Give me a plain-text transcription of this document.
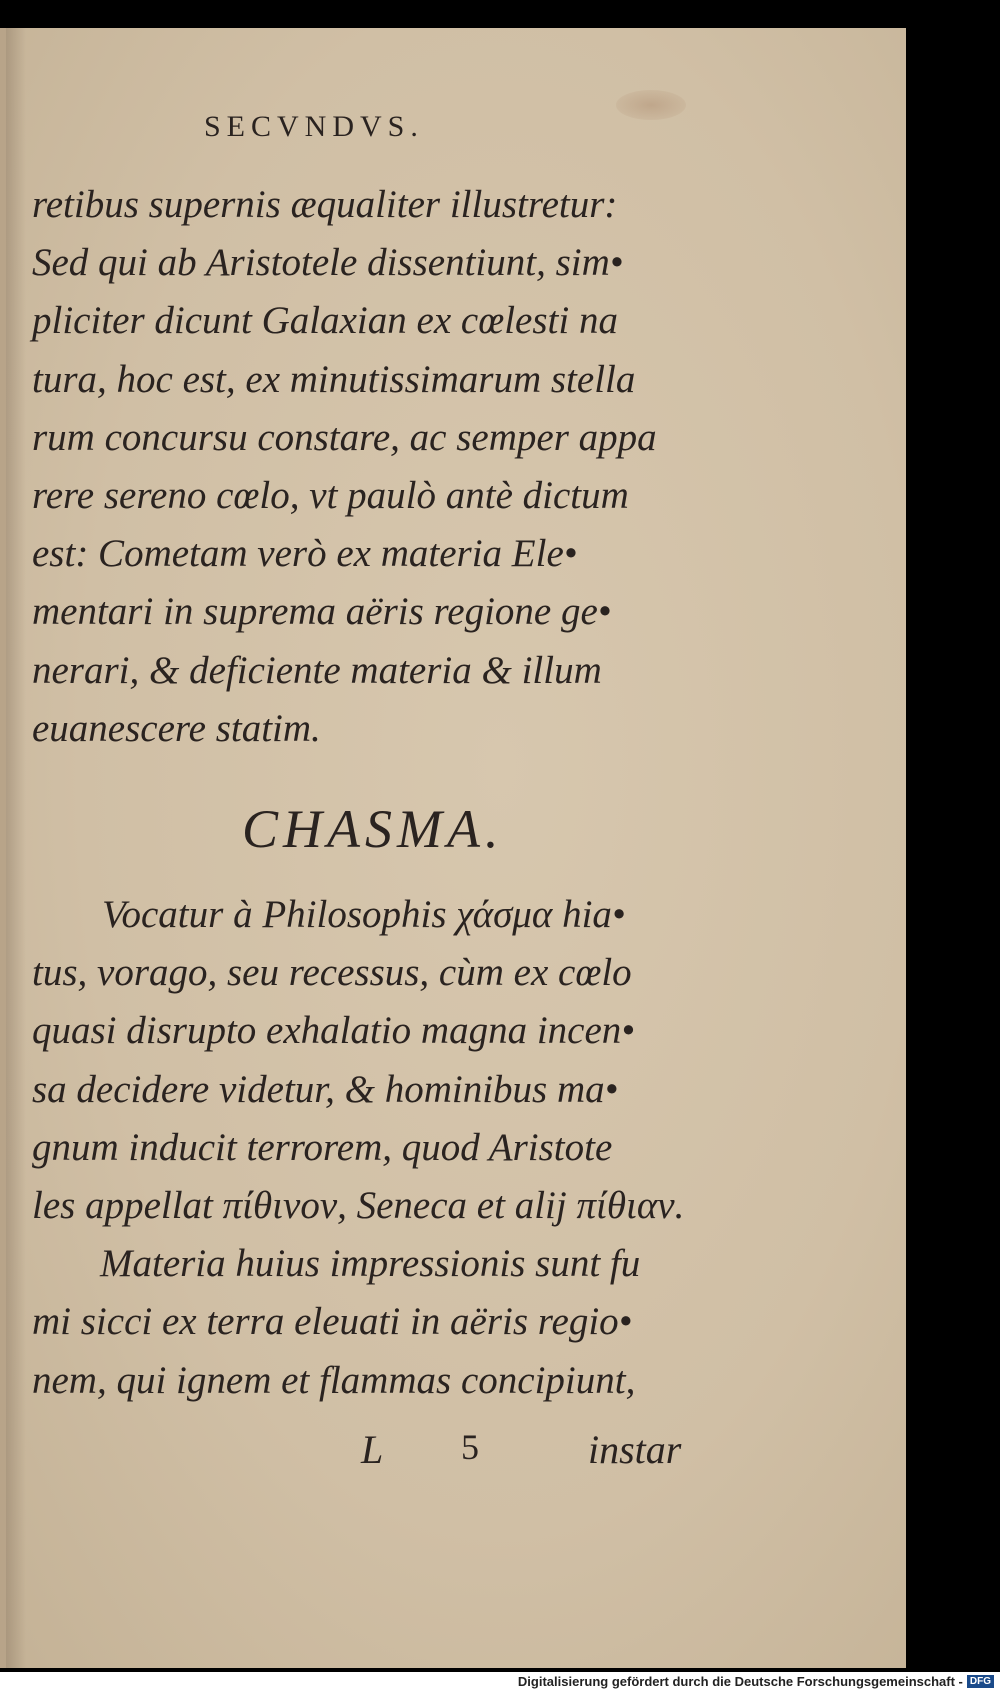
SECVNDVS.
retibus supernis æqualiter illustretur:
Sed qui ab Aristotele dissentiunt, sim•
pliciter dicunt Galaxian ex cœlesti na
tura, hoc est, ex minutissimarum stella
rum concursu constare, ac semper appa
rere sereno cœlo, vt paulò antè dictum
est: Cometam verò ex materia Ele•
mentari in suprema aëris regione ge•
nerari, & deficiente materia & illum
euanescere statim.
CHASMA.
Vocatur à Philosophis χάσμα hia•
tus, vorago, seu recessus, cùm ex cœlo
quasi disrupto exhalatio magna incen•
sa decidere videtur, & hominibus ma•
gnum inducit terrorem, quod Aristote
les appellat πίθινον, Seneca et alij πίθιαν.
Materia huius impressionis sunt fu
mi sicci ex terra eleuati in aëris regio•
nem, qui ignem et flammas concipiunt,
L 5	instar
Digitalisierung gefördert durch die Deutsche Forschungsgemeinschaft - DFG
